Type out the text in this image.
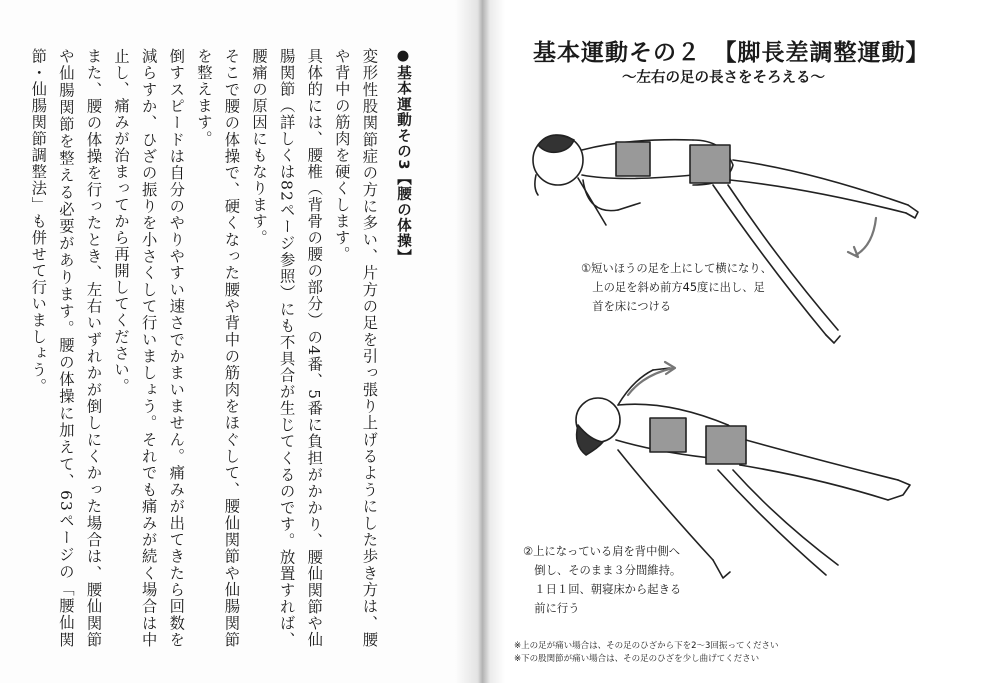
●基本運動その3【腰の体操】

変形性股関節症の方に多い、片方の足を引っ張り上げるようにした歩き方は、腰や背中の筋肉を硬くします。

具体的には、腰椎（背骨の腰の部分）の4番、5番に負担がかかり、腰仙関節や仙腸関節（詳しくは82ページ参照）にも不具合が生じてくるのです。放置すれば、腰痛の原因にもなります。

そこで腰の体操で、硬くなった腰や背中の筋肉をほぐして、腰仙関節や仙腸関節を整えます。

倒すスピードは自分のやりやすい速さでかまいません。痛みが出てきたら回数を減らすか、ひざの振りを小さくして行いましょう。それでも痛みが続く場合は中止し、痛みが治まってから再開してください。

また、腰の体操を行ったとき、左右いずれかが倒しにくかった場合は、腰仙関節や仙腸関節を整える必要があります。腰の体操に加えて、63ページの「腰仙関節・仙腸関節調整法」も併せて行いましょう。	基本運動その２　【脚長差調整運動】
～左右の足の長さをそろえる～
①短いほうの足を上にして横になり、
　上の足を斜め前方45度に出し、足
　首を床につける
②上になっている肩を背中側へ
　倒し、そのまま３分間維持。
　１日１回、朝寝床から起きる
　前に行う
※上の足が痛い場合は、その足のひざから下を2～3回振ってください
※下の股関節が痛い場合は、その足のひざを少し曲げてください
